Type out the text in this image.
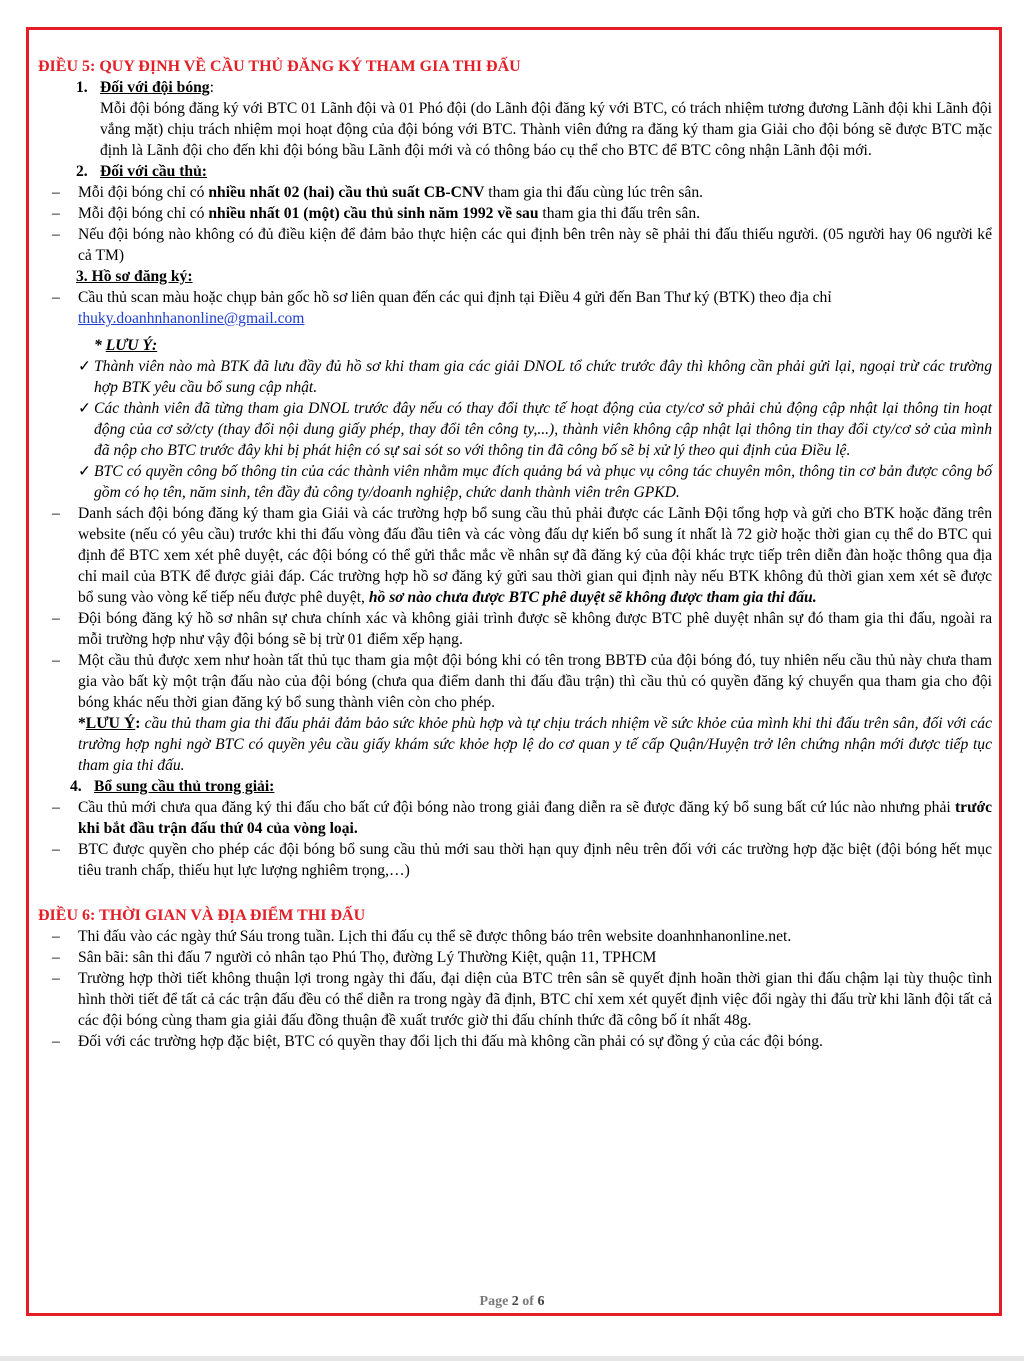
ĐIỀU 5: QUY ĐỊNH VỀ CẦU THỦ ĐĂNG KÝ THAM GIA THI ĐẤU

1. Đối với đội bóng:
Mỗi đội bóng đăng ký với BTC 01 Lãnh đội và 01 Phó đội (do Lãnh đội đăng ký với BTC, có trách nhiệm tương đương Lãnh đội khi Lãnh đội vắng mặt) chịu trách nhiệm mọi hoạt động của đội bóng với BTC. Thành viên đứng ra đăng ký tham gia Giải cho đội bóng sẽ được BTC mặc định là Lãnh đội cho đến khi đội bóng bầu Lãnh đội mới và có thông báo cụ thể cho BTC để BTC công nhận Lãnh đội mới.
2. Đối với cầu thủ:
– Mỗi đội bóng chỉ có nhiều nhất 02 (hai) cầu thủ suất CB-CNV tham gia thi đấu cùng lúc trên sân.
– Mỗi đội bóng chỉ có nhiều nhất 01 (một) cầu thủ sinh năm 1992 về sau tham gia thi đấu trên sân.
– Nếu đội bóng nào không có đủ điều kiện để đảm bảo thực hiện các qui định bên trên này sẽ phải thi đấu thiếu người. (05 người hay 06 người kể cả TM)
3. Hồ sơ đăng ký:
– Cầu thủ scan màu hoặc chụp bản gốc hồ sơ liên quan đến các qui định tại Điều 4 gửi đến Ban Thư ký (BTK) theo địa chỉ
thuky.doanhnhanonline@gmail.com
* LƯU Ý:
✓ Thành viên nào mà BTK đã lưu đầy đủ hồ sơ khi tham gia các giải DNOL tổ chức trước đây thì không cần phải gửi lại, ngoại trừ các trường hợp BTK yêu cầu bổ sung cập nhật.
✓ Các thành viên đã từng tham gia DNOL trước đây nếu có thay đổi thực tế hoạt động của cty/cơ sở phải chủ động cập nhật lại thông tin hoạt động của cơ sở/cty (thay đổi nội dung giấy phép, thay đổi tên công ty,...), thành viên không cập nhật lại thông tin thay đổi cty/cơ sở của mình đã nộp cho BTC trước đây khi bị phát hiện có sự sai sót so với thông tin đã công bố sẽ bị xử lý theo qui định của Điều lệ.
✓ BTC có quyền công bố thông tin của các thành viên nhằm mục đích quảng bá và phục vụ công tác chuyên môn, thông tin cơ bản được công bố gồm có họ tên, năm sinh, tên đầy đủ công ty/doanh nghiệp, chức danh thành viên trên GPKD.
– Danh sách đội bóng đăng ký tham gia Giải và các trường hợp bổ sung cầu thủ phải được các Lãnh Đội tổng hợp và gửi cho BTK hoặc đăng trên website (nếu có yêu cầu) trước khi thi đấu vòng đấu đầu tiên và các vòng đấu dự kiến bổ sung ít nhất là 72 giờ hoặc thời gian cụ thể do BTC qui định để BTC xem xét phê duyệt, các đội bóng có thể gửi thắc mắc về nhân sự đã đăng ký của đội khác trực tiếp trên diễn đàn hoặc thông qua địa chỉ mail của BTK để được giải đáp. Các trường hợp hồ sơ đăng ký gửi sau thời gian qui định này nếu BTK không đủ thời gian xem xét sẽ được bổ sung vào vòng kế tiếp nếu được phê duyệt, hồ sơ nào chưa được BTC phê duyệt sẽ không được tham gia thi đấu.
– Đội bóng đăng ký hồ sơ nhân sự chưa chính xác và không giải trình được sẽ không được BTC phê duyệt nhân sự đó tham gia thi đấu, ngoài ra mỗi trường hợp như vậy đội bóng sẽ bị trừ 01 điểm xếp hạng.
– Một cầu thủ được xem như hoàn tất thủ tục tham gia một đội bóng khi có tên trong BBTĐ của đội bóng đó, tuy nhiên nếu cầu thủ này chưa tham gia vào bất kỳ một trận đấu nào của đội bóng (chưa qua điểm danh thi đấu đầu trận) thì cầu thủ có quyền đăng ký chuyển qua tham gia cho đội bóng khác nếu thời gian đăng ký bổ sung thành viên còn cho phép.
*LƯU Ý: cầu thủ tham gia thi đấu phải đảm bảo sức khỏe phù hợp và tự chịu trách nhiệm về sức khỏe của mình khi thi đấu trên sân, đối với các trường hợp nghi ngờ BTC có quyền yêu cầu giấy khám sức khỏe hợp lệ do cơ quan y tế cấp Quận/Huyện trở lên chứng nhận mới được tiếp tục tham gia thi đấu.
4. Bổ sung cầu thủ trong giải:
– Cầu thủ mới chưa qua đăng ký thi đấu cho bất cứ đội bóng nào trong giải đang diễn ra sẽ được đăng ký bổ sung bất cứ lúc nào nhưng phải trước khi bắt đầu trận đấu thứ 04 của vòng loại.
– BTC được quyền cho phép các đội bóng bổ sung cầu thủ mới sau thời hạn quy định nêu trên đối với các trường hợp đặc biệt (đội bóng hết mục tiêu tranh chấp, thiếu hụt lực lượng nghiêm trọng,…)

ĐIỀU 6: THỜI GIAN VÀ ĐỊA ĐIỂM THI ĐẤU

– Thi đấu vào các ngày thứ Sáu trong tuần. Lịch thi đấu cụ thể sẽ được thông báo trên website doanhnhanonline.net.
– Sân bãi: sân thi đấu 7 người cỏ nhân tạo Phú Thọ, đường Lý Thường Kiệt, quận 11, TPHCM
– Trường hợp thời tiết không thuận lợi trong ngày thi đấu, đại diện của BTC trên sân sẽ quyết định hoãn thời gian thi đấu chậm lại tùy thuộc tình hình thời tiết để tất cả các trận đấu đều có thể diễn ra trong ngày đã định, BTC chỉ xem xét quyết định việc đổi ngày thi đấu trừ khi lãnh đội tất cả các đội bóng cùng tham gia giải đấu đồng thuận đề xuất trước giờ thi đấu chính thức đã công bố ít nhất 48g.
– Đối với các trường hợp đặc biệt, BTC có quyền thay đổi lịch thi đấu mà không cần phải có sự đồng ý của các đội bóng.
Page 2 of 6
